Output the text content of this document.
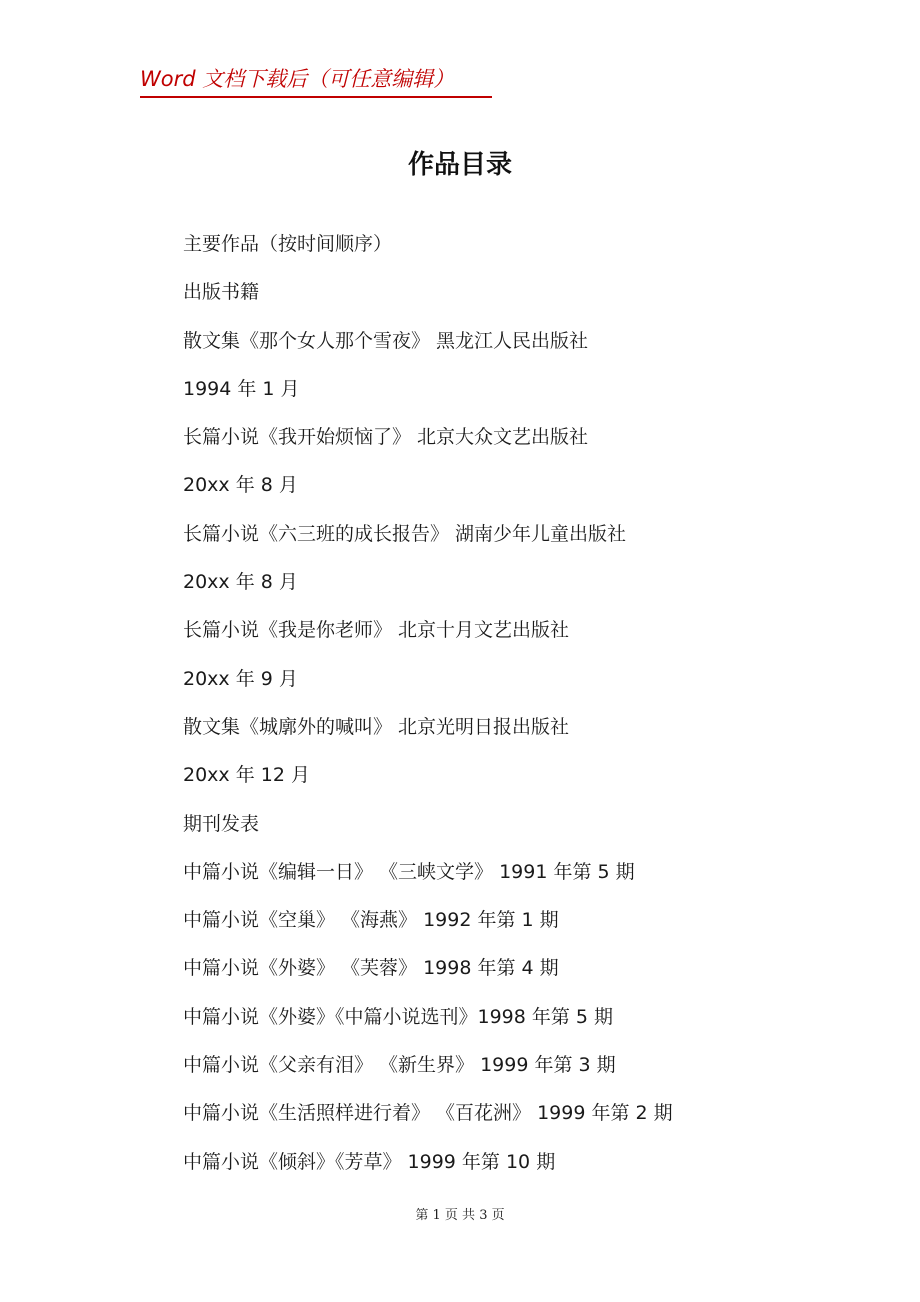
Word 文档下载后（可任意编辑）
作品目录
主要作品（按时间顺序）
出版书籍
散文集《那个女人那个雪夜》 黑龙江人民出版社
1994 年 1 月
长篇小说《我开始烦恼了》 北京大众文艺出版社
20xx 年 8 月
长篇小说《六三班的成长报告》 湖南少年儿童出版社
20xx 年 8 月
长篇小说《我是你老师》 北京十月文艺出版社
20xx 年 9 月
散文集《城廓外的喊叫》 北京光明日报出版社
20xx 年 12 月
期刊发表
中篇小说《编辑一日》 《三峡文学》 1991 年第 5 期
中篇小说《空巢》 《海燕》 1992 年第 1 期
中篇小说《外婆》 《芙蓉》 1998 年第 4 期
中篇小说《外婆》《中篇小说选刊》1998 年第 5 期
中篇小说《父亲有泪》 《新生界》 1999 年第 3 期
中篇小说《生活照样进行着》 《百花洲》 1999 年第 2 期
中篇小说《倾斜》《芳草》 1999 年第 10 期
第 1 页 共 3 页
